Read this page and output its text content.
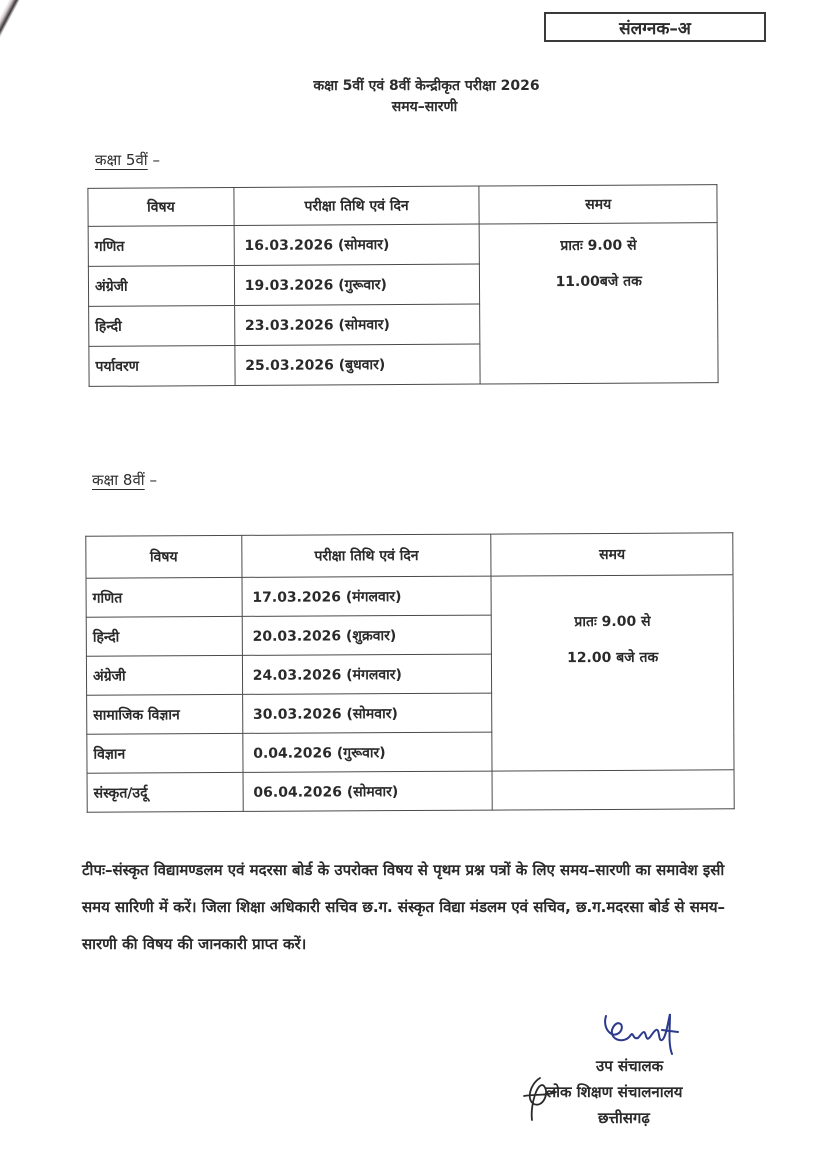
संलग्नक–अ
कक्षा 5वीं एवं 8वीं केन्द्रीकृत परीक्षा 2026
समय–सारणी
कक्षा 5वीं –
विषय	परीक्षा तिथि एवं दिन	समय
गणित	16.03.2026 (सोमवार)	प्रातः 9.00 से
11.00बजे तक

अंग्रेजी	19.03.2026 (गुरूवार)	
हिन्दी	23.03.2026 (सोमवार)	
पर्यावरण	25.03.2026 (बुधवार)	
कक्षा 8वीं –
विषय	परीक्षा तिथि एवं दिन	समय
गणित	17.03.2026 (मंगलवार)	प्रातः 9.00 से
12.00 बजे तक

हिन्दी	20.03.2026 (शुक्रवार)	
अंग्रेजी	24.03.2026 (मंगलवार)	
सामाजिक विज्ञान	30.03.2026 (सोमवार)	
विज्ञान	0.04.2026 (गुरूवार)	
संस्कृत/उर्दू	06.04.2026 (सोमवार)	
टीपः–संस्कृत विद्यामण्डलम एवं मदरसा बोर्ड के उपरोक्त विषय से पृथम प्रश्न पत्रों के लिए समय–सारणी का समावेश इसी समय सारिणी में करें। जिला शिक्षा अधिकारी सचिव छ.ग. संस्कृत विद्या मंडलम एवं सचिव, छ.ग.मदरसा बोर्ड से समय–सारणी की विषय की जानकारी प्राप्त करें।
उप संचालक
लोक शिक्षण संचालनालय
छत्तीसगढ़
